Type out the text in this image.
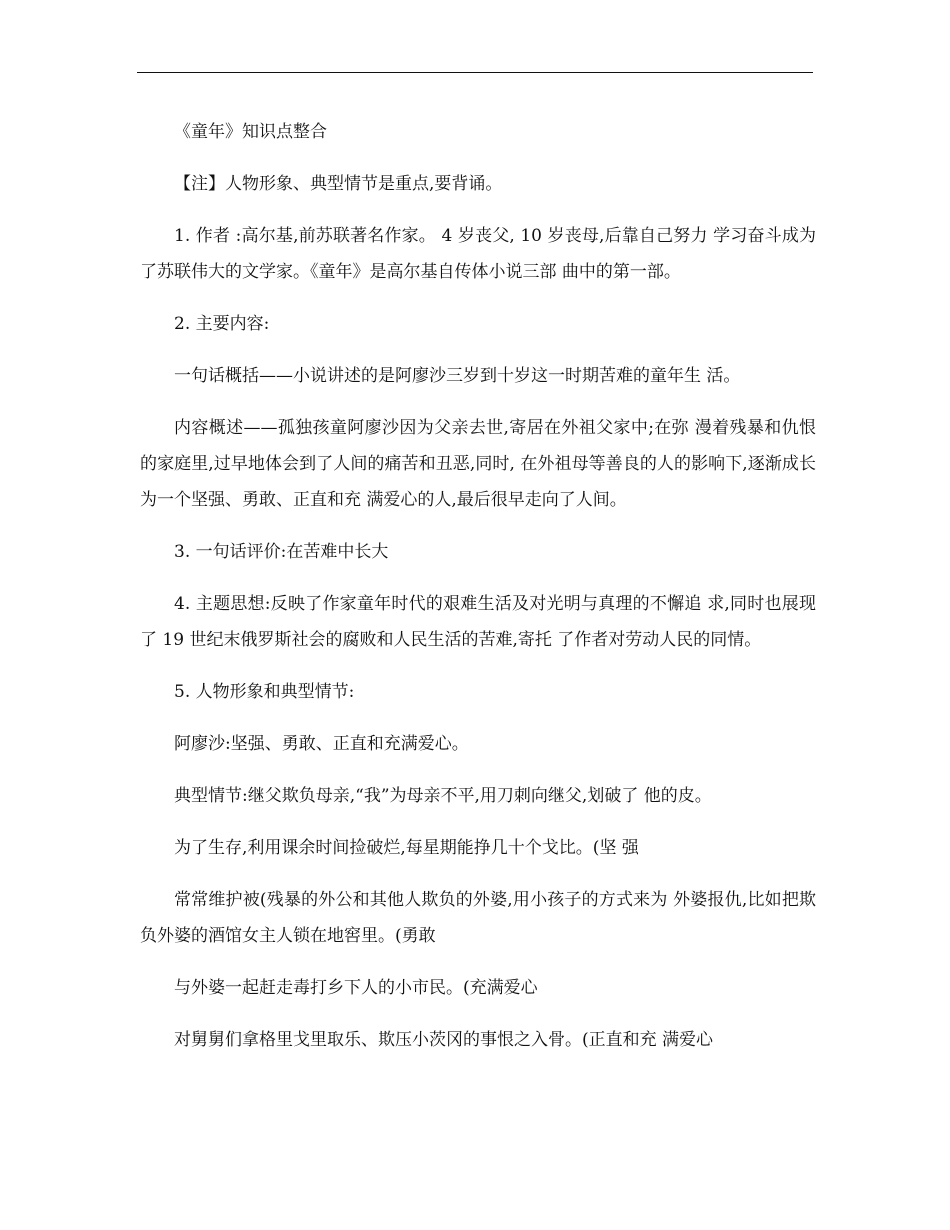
《童年》知识点整合

【注】人物形象、典型情节是重点,要背诵。

1. 作者 :高尔基,前苏联著名作家。 4 岁丧父, 10 岁丧母,后靠自己努力 学习奋斗成为了苏联伟大的文学家。《童年》是高尔基自传体小说三部 曲中的第一部。

2. 主要内容:

一句话概括——小说讲述的是阿廖沙三岁到十岁这一时期苦难的童年生 活。

内容概述——孤独孩童阿廖沙因为父亲去世,寄居在外祖父家中;在弥 漫着残暴和仇恨的家庭里,过早地体会到了人间的痛苦和丑恶,同时, 在外祖母等善良的人的影响下,逐渐成长为一个坚强、勇敢、正直和充 满爱心的人,最后很早走向了人间。

3. 一句话评价:在苦难中长大

4. 主题思想:反映了作家童年时代的艰难生活及对光明与真理的不懈追 求,同时也展现了 19 世纪末俄罗斯社会的腐败和人民生活的苦难,寄托 了作者对劳动人民的同情。

5. 人物形象和典型情节:

阿廖沙:坚强、勇敢、正直和充满爱心。

典型情节:继父欺负母亲,“我”为母亲不平,用刀刺向继父,划破了 他的皮。

为了生存,利用课余时间捡破烂,每星期能挣几十个戈比。(坚 强

常常维护被(残暴的外公和其他人欺负的外婆,用小孩子的方式来为 外婆报仇,比如把欺负外婆的酒馆女主人锁在地窖里。(勇敢

与外婆一起赶走毒打乡下人的小市民。(充满爱心

对舅舅们拿格里戈里取乐、欺压小茨冈的事恨之入骨。(正直和充 满爱心
